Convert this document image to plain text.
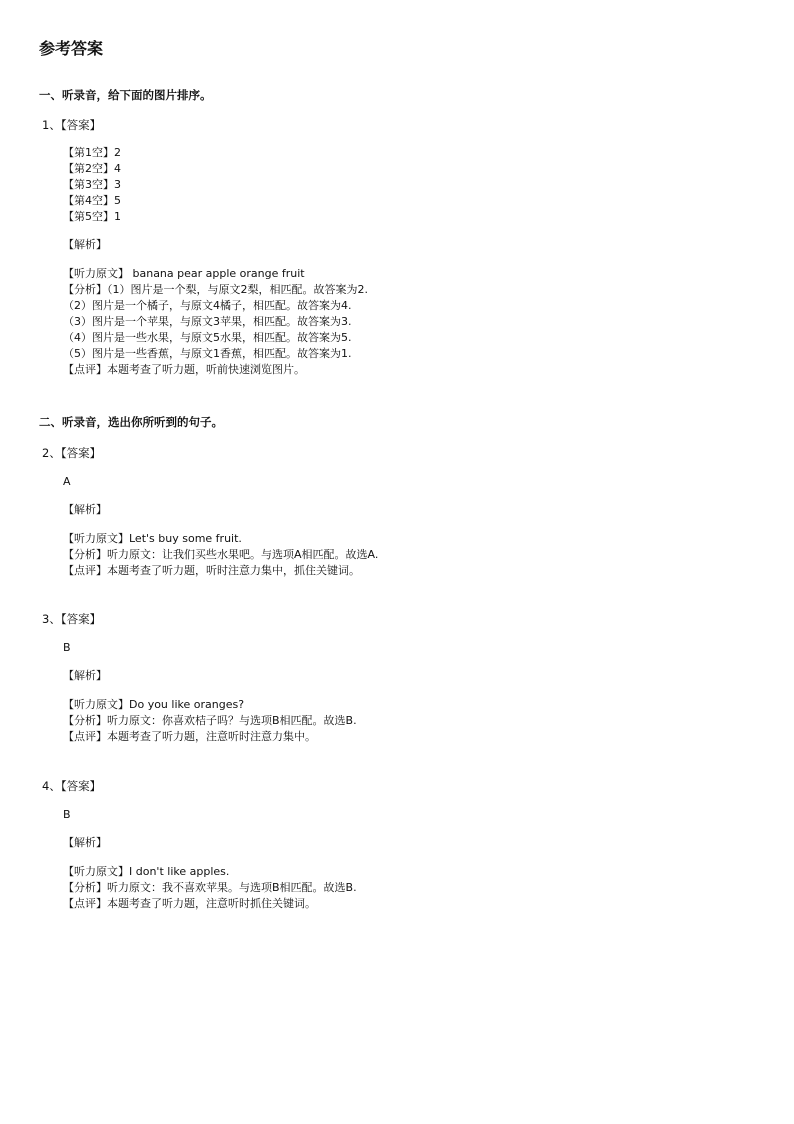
参考答案
一、听录音，给下面的图片排序。
1、【答案】
【第1空】2
【第2空】4
【第3空】3
【第4空】5
【第5空】1
【解析】
【听力原文】 banana pear apple orange fruit
【分析】（1）图片是一个梨，与原文2梨，相匹配。故答案为2.
（2）图片是一个橘子，与原文4橘子，相匹配。故答案为4.
（3）图片是一个苹果，与原文3苹果，相匹配。故答案为3.
（4）图片是一些水果，与原文5水果，相匹配。故答案为5.
（5）图片是一些香蕉，与原文1香蕉，相匹配。故答案为1.
【点评】本题考查了听力题，听前快速浏览图片。
二、听录音，选出你所听到的句子。
2、【答案】
A
【解析】
【听力原文】Let's buy some fruit.
【分析】听力原文：让我们买些水果吧。与选项A相匹配。故选A.
【点评】本题考查了听力题，听时注意力集中，抓住关键词。
3、【答案】
B
【解析】
【听力原文】Do you like oranges?
【分析】听力原文：你喜欢桔子吗？与选项B相匹配。故选B.
【点评】本题考查了听力题，注意听时注意力集中。
4、【答案】
B
【解析】
【听力原文】I don't like apples.
【分析】听力原文：我不喜欢苹果。与选项B相匹配。故选B.
【点评】本题考查了听力题，注意听时抓住关键词。
